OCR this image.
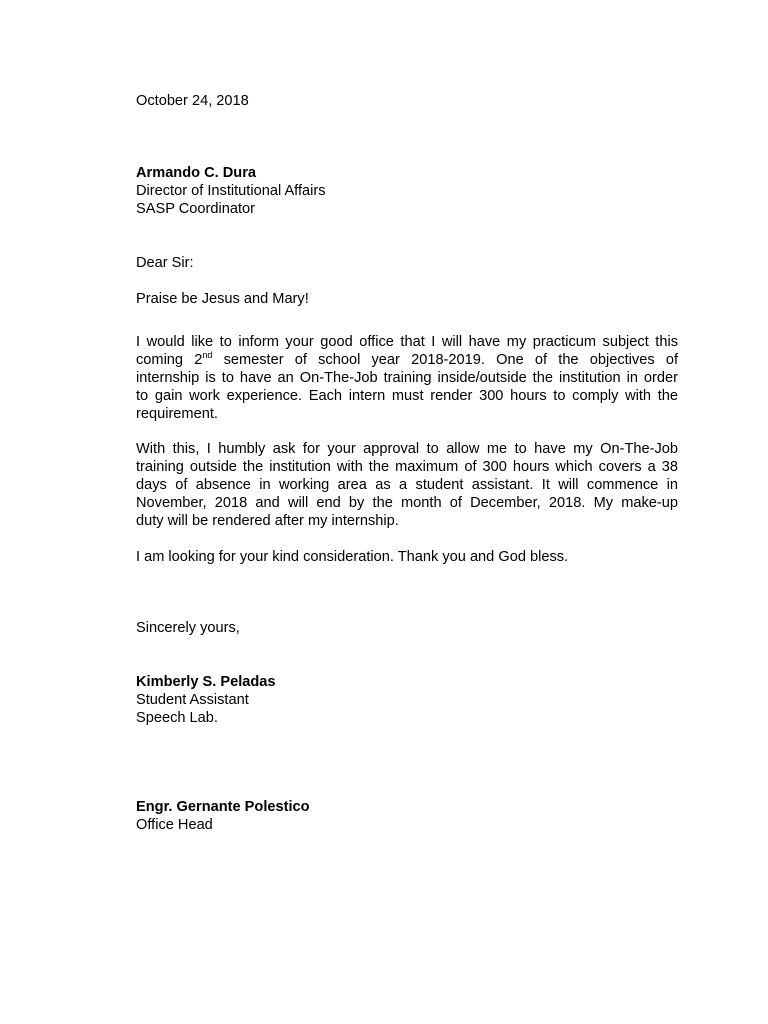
October 24, 2018

Armando C. Dura
Director of Institutional Affairs
SASP Coordinator

Dear Sir:

Praise be Jesus and Mary!

I would like to inform your good office that I will have my practicum subject this
coming 2nd semester of school year 2018-2019. One of the objectives of
internship is to have an On-The-Job training inside/outside the institution in order
to gain work experience. Each intern must render 300 hours to comply with the
requirement.
With this, I humbly ask for your approval to allow me to have my On-The-Job
training outside the institution with the maximum of 300 hours which covers a 38
days of absence in working area as a student assistant. It will commence in
November, 2018 and will end by the month of December, 2018. My make-up
duty will be rendered after my internship.

I am looking for your kind consideration. Thank you and God bless.

Sincerely yours,

Kimberly S. Peladas
Student Assistant
Speech Lab.
Engr. Gernante Polestico
Office Head
